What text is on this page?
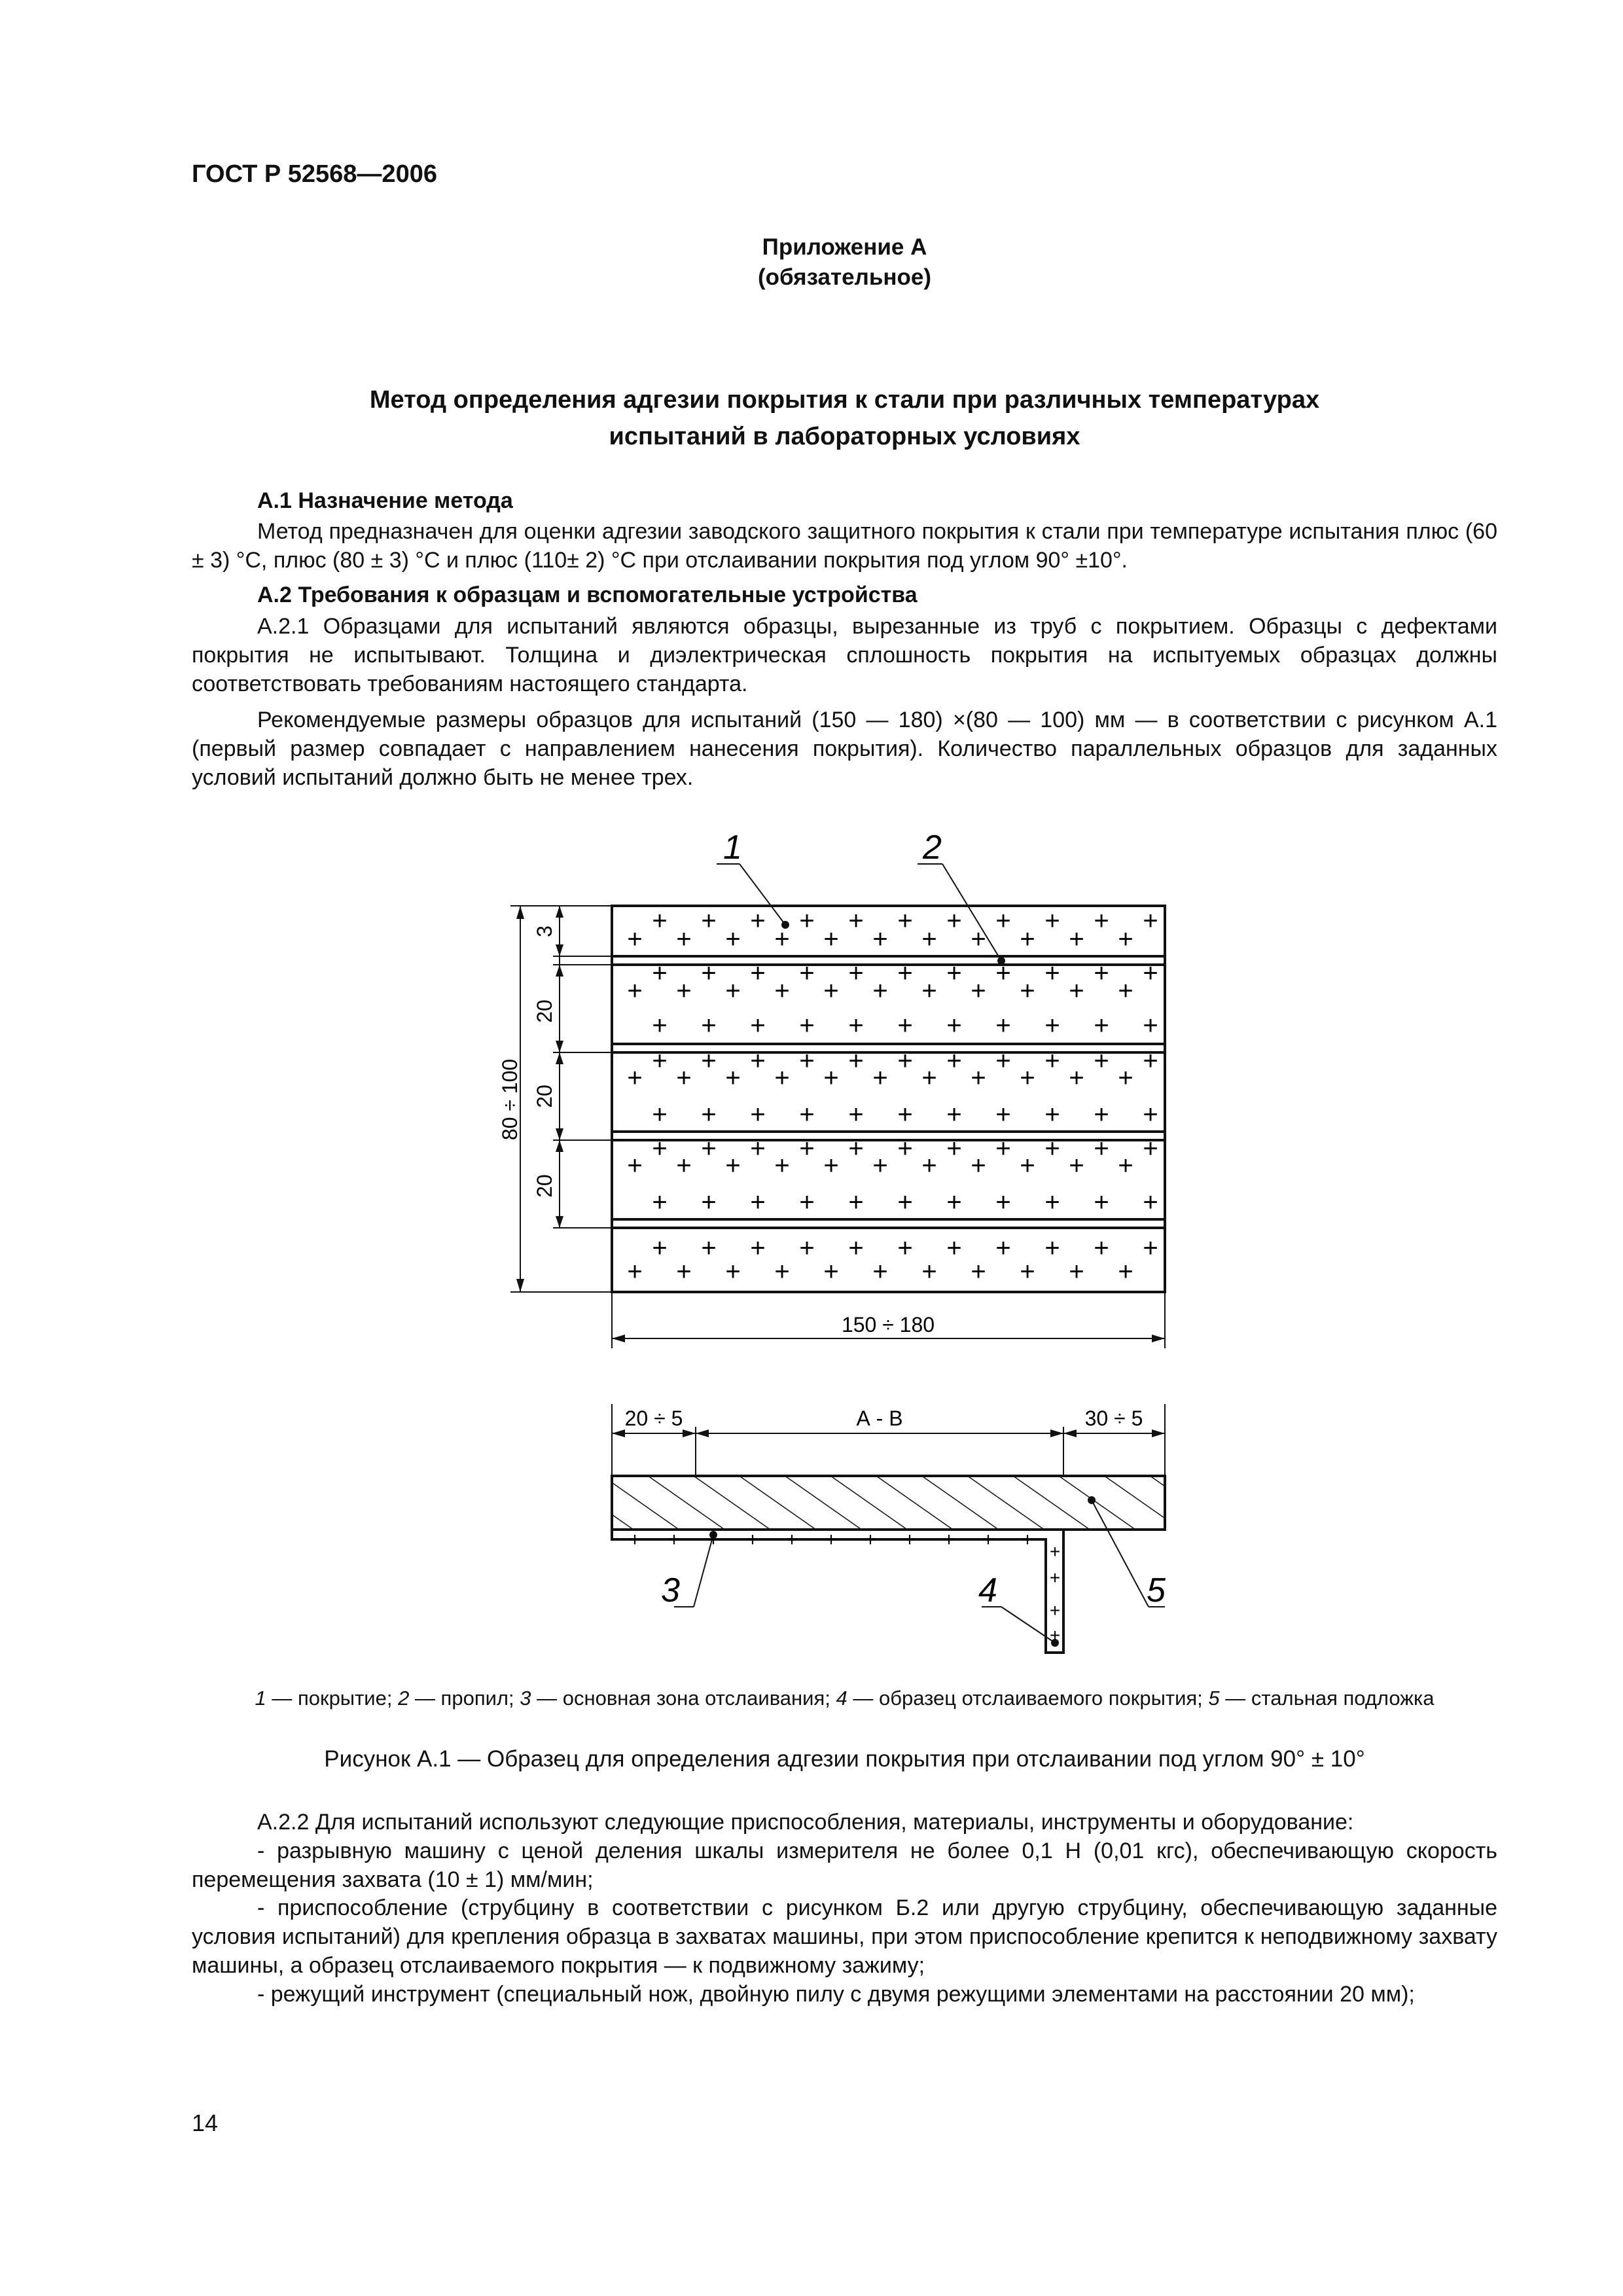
ГОСТ Р 52568—2006
Приложение А
(обязательное)
Метод определения адгезии покрытия к стали при различных температурах
испытаний в лабораторных условиях
А.1 Назначение метода
Метод предназначен для оценки адгезии заводского защитного покрытия к стали при температуре испытания плюс (60 ± 3) °С, плюс (80 ± 3) °С и плюс (110± 2) °С при отслаивании покрытия под углом 90° ±10°.
А.2 Требования к образцам и вспомогательные устройства
А.2.1 Образцами для испытаний являются образцы, вырезанные из труб с покрытием. Образцы с дефектами покрытия не испытывают. Толщина и диэлектрическая сплошность покрытия на испытуемых образцах должны соответствовать требованиям настоящего стандарта.
Рекомендуемые размеры образцов для испытаний (150 — 180) ×(80 — 100) мм — в соответствии с рисунком А.1 (первый размер совпадает с направлением нанесения покрытия). Количество параллельных образцов для заданных условий испытаний должно быть не менее трех.
+ + + + + + + + + + +
+ + + + + + + + + + +
+ + + + + + + + + + +
+ + + + + + + + + + +
+ + + + + + + + + + +
+ + + + + + + + + + +
+ + + + + + + + + + +
+ + + + + + + + + + +
+ + + + + + + + + + +
+ + + + + + + + + + +
+ + + + + + + + + + +
+ + + + + + + + + + +
+ + + + + + + + + + +
1	2
3
20
20
20
80 ÷ 100
150 ÷ 180
+ + + + + + + + + + +
+
+
+
+
20 ÷ 5	А - В	30 ÷ 5
3	4	5
1 — покрытие; 2 — пропил; 3 — основная зона отслаивания; 4 — образец отслаиваемого покрытия; 5 — стальная подложка
Рисунок А.1 — Образец для определения адгезии покрытия при отслаивании под углом 90° ± 10°
А.2.2 Для испытаний используют следующие приспособления, материалы, инструменты и оборудование:
- разрывную машину с ценой деления шкалы измерителя не более 0,1 Н (0,01 кгс), обеспечивающую скорость перемещения захвата (10 ± 1) мм/мин;
- приспособление (струбцину в соответствии с рисунком Б.2 или другую струбцину, обеспечивающую заданные условия испытаний) для крепления образца в захватах машины, при этом приспособление крепится к неподвижному захвату машины, а образец отслаиваемого покрытия — к подвижному зажиму;
- режущий инструмент (специальный нож, двойную пилу с двумя режущими элементами на расстоянии 20 мм);
14
